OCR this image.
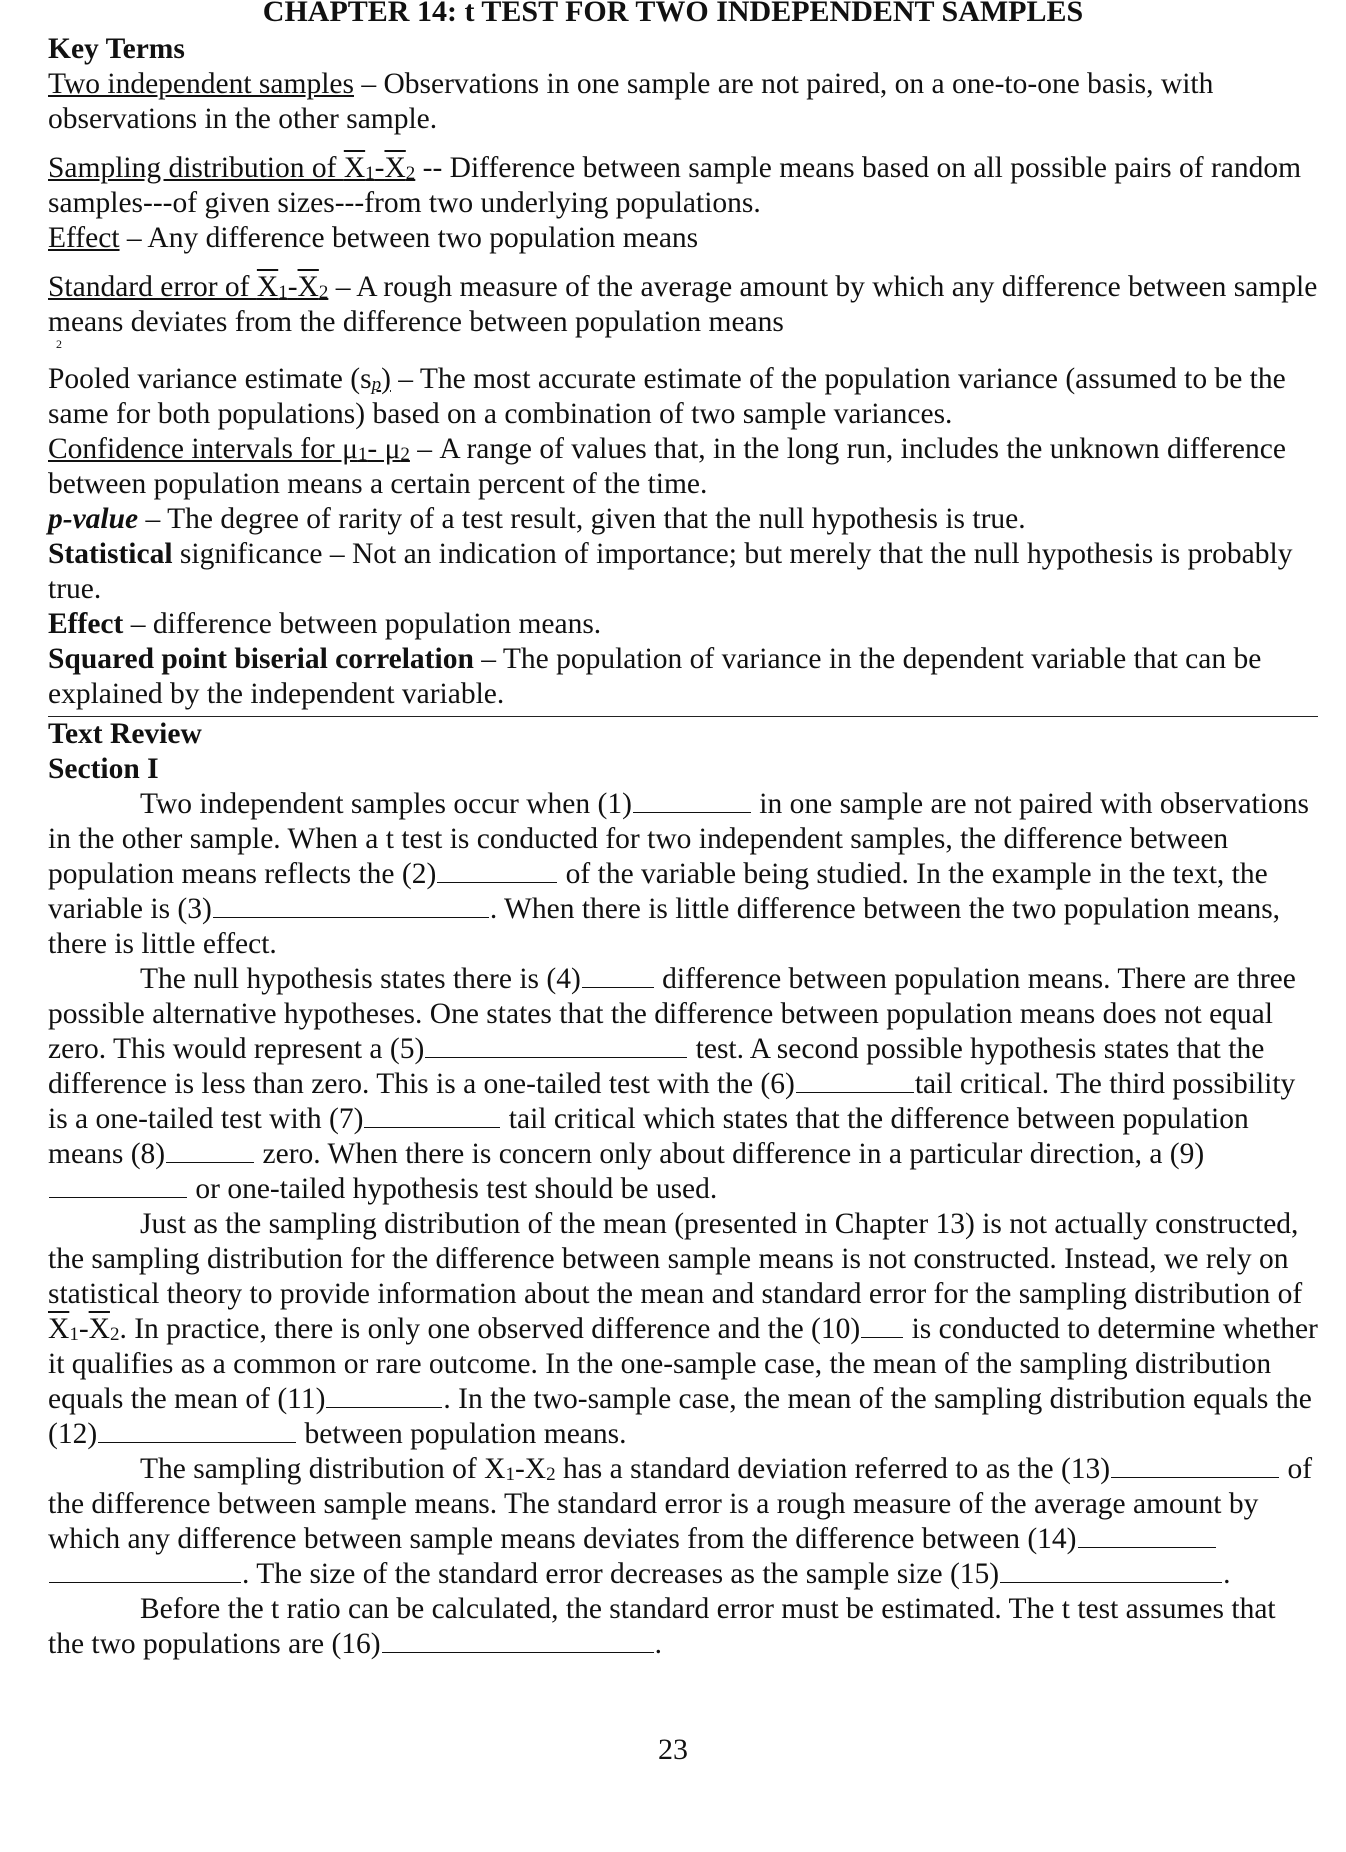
CHAPTER 14: t TEST FOR TWO INDEPENDENT SAMPLES
Key Terms

Two independent samples – Observations in one sample are not paired, on a one-to-one basis, with observations in the other sample.

Sampling distribution of $X_1-X_2$ -- Difference between sample means based on all possible pairs of random samples---of given sizes---from two underlying populations.

Effect – Any difference between two population means

Standard error of $X_1-X_2$ – A rough measure of the average amount by which any difference between sample means deviates from the difference between population means

Pooled variance estimate (s
2
$_p$) – The most accurate estimate of the population variance (assumed to be the same for both populations) based on a combination of two sample variances.

Confidence intervals for $\mu_1-$ $\mu_2$ – A range of values that, in the long run, includes the unknown difference between population means a certain percent of the time.

p-value – The degree of rarity of a test result, given that the null hypothesis is true.

Statistical significance – Not an indication of importance; but merely that the null hypothesis is probably true.

Effect – difference between population means.

Squared point biserial correlation – The population of variance in the dependent variable that can be explained by the independent variable.

Text Review
Section I

Two independent samples occur when (1)	in one sample are not paired with observations in the other sample. When a t test is conducted for two independent samples, the difference between population means reflects the (2)	of the variable being studied. In the example in the text, the variable is (3)	. When there is little difference between the two population means, there is little effect.

The null hypothesis states there is (4)	difference between population means. There are three possible alternative hypotheses. One states that the difference between population means does not equal zero. This would represent a (5)	test. A second possible hypothesis states that the difference is less than zero. This is a one-tailed test with the (6)	tail critical. The third possibility is a one-tailed test with (7)	tail critical which states that the difference between population means (8)	zero. When there is concern only about difference in a particular direction, a (9) or one-tailed hypothesis test should be used.

Just as the sampling distribution of the mean (presented in Chapter 13) is not actually constructed, the sampling distribution for the difference between sample means is not constructed. Instead, we rely on statistical theory to provide information about the mean and standard error for the sampling distribution of $\overline{X}_1-\overline{X}_2$. In practice, there is only one observed difference and the (10) is conducted to determine whether it qualifies as a common or rare outcome. In the one-sample case, the mean of the sampling distribution equals the mean of (11)	. In the two-sample case, the mean of the sampling distribution equals the (12)	between population means.

The sampling distribution of $X_1-X_2$ has a standard deviation referred to as the (13)	of the difference between sample means. The standard error is a rough measure of the average amount by which any difference between sample means deviates from the difference between (14) . The size of the standard error decreases as the sample size (15)	.

Before the t ratio can be calculated, the standard error must be estimated. The t test assumes that the two populations are (16)	.

23
